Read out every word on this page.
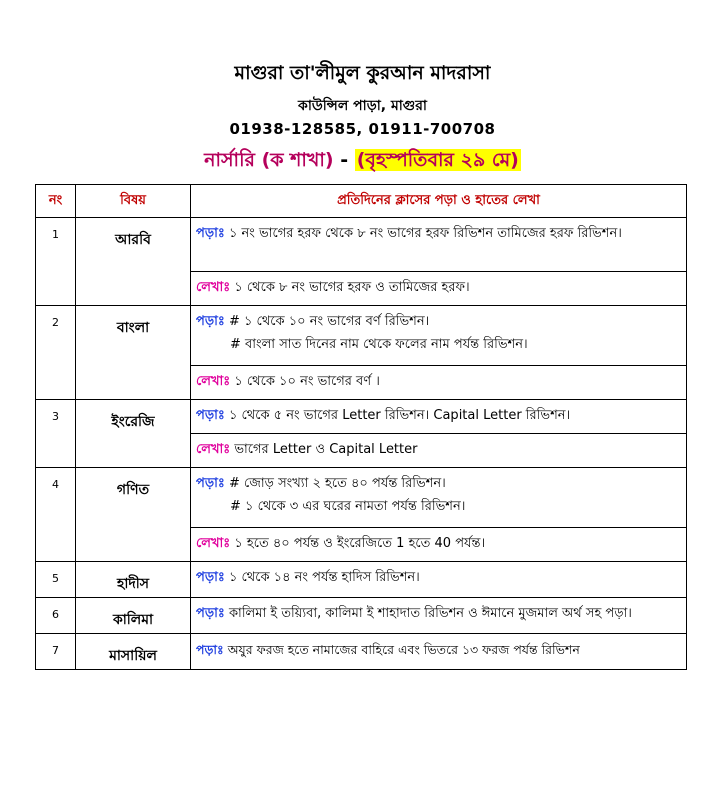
মাগুরা তা'লীমুল কুরআন মাদরাসা
কাউন্সিল পাড়া, মাগুরা
01938-128585, 01911-700708
নার্সারি (ক শাখা) - (বৃহস্পতিবার ২৯ মে)
নং	বিষয়	প্রতিদিনের ক্লাসের পড়া ও হাতের লেখা
1	আরবি	পড়াঃ ১ নং ভাগের হরফ থেকে ৮ নং ভাগের হরফ রিভিশন তামিজের হরফ রিভিশন।
		লেখাঃ ১ থেকে ৮ নং ভাগের হরফ ও তামিজের হরফ।
2	বাংলা	পড়াঃ # ১ থেকে ১০ নং ভাগের বর্ণ রিভিশন।
# বাংলা সাত দিনের নাম থেকে ফলের নাম পর্যন্ত রিভিশন।

		লেখাঃ ১ থেকে ১০ নং ভাগের বর্ণ ।
3	ইংরেজি	পড়াঃ ১ থেকে ৫ নং ভাগের Letter রিভিশন। Capital Letter রিভিশন।
		লেখাঃ ভাগের Letter ও Capital Letter
4	গণিত	পড়াঃ # জোড় সংখ্যা ২ হতে ৪০ পর্যন্ত রিভিশন।
# ১ থেকে ৩ এর ঘরের নামতা পর্যন্ত রিভিশন।

		লেখাঃ ১ হতে ৪০ পর্যন্ত ও ইংরেজিতে 1 হতে 40 পর্যন্ত।
5	হাদীস	পড়াঃ ১ থেকে ১৪ নং পর্যন্ত হাদিস রিভিশন।
6	কালিমা	পড়াঃ কালিমা ই তয়্যিবা, কালিমা ই শাহাদাত রিভিশন ও ঈমানে মুজমাল অর্থ সহ পড়া।
7	মাসায়িল	পড়াঃ অযুর ফরজ হতে নামাজের বাহিরে এবং ভিতরে ১৩ ফরজ পর্যন্ত রিভিশন
